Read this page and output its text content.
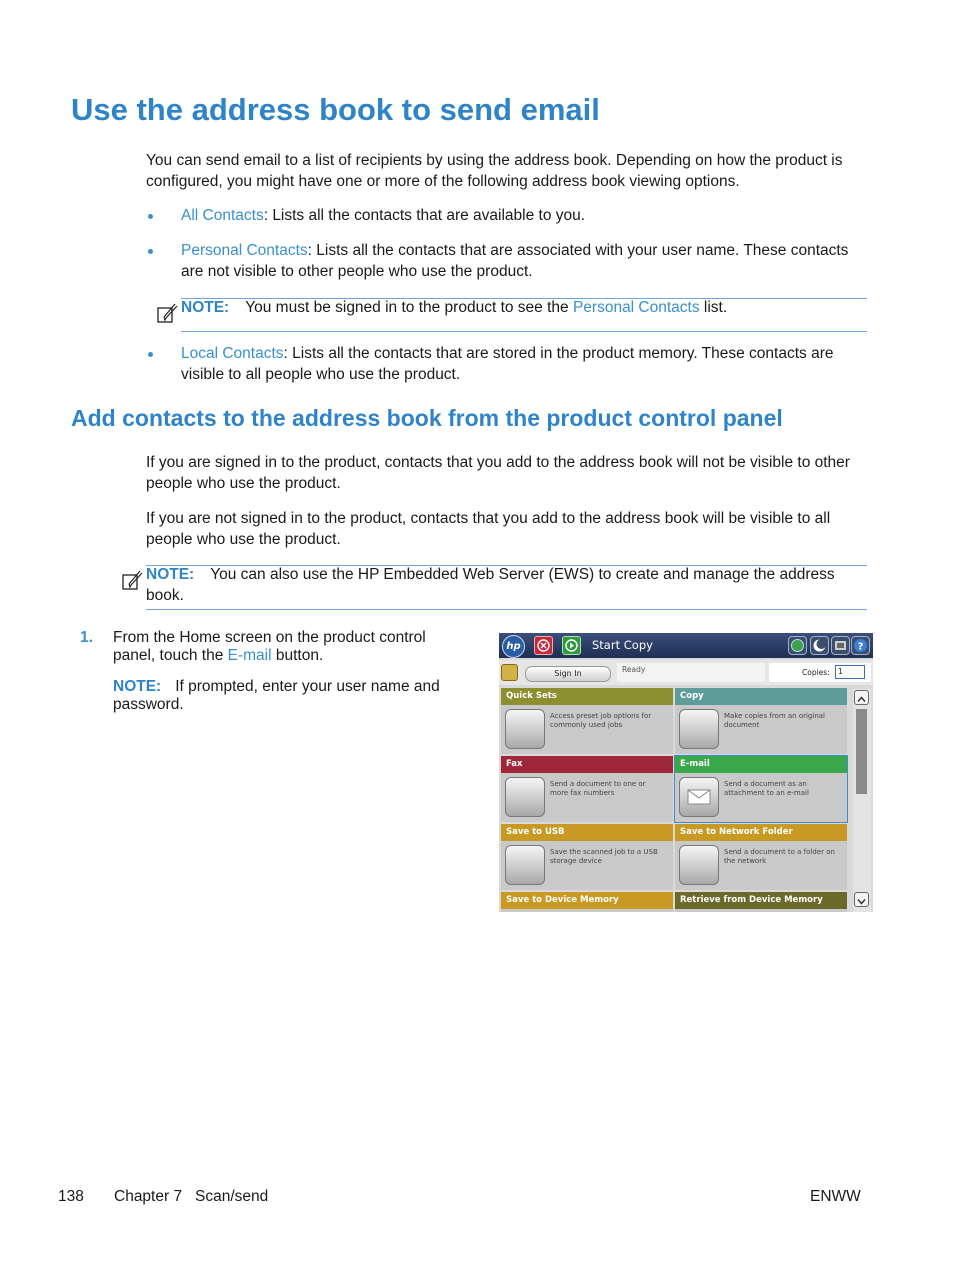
Use the address book to send email
You can send email to a list of recipients by using the address book. Depending on how the product is configured, you might have one or more of the following address book viewing options.
All Contacts: Lists all the contacts that are available to you.
Personal Contacts: Lists all the contacts that are associated with your user name. These contacts are not visible to other people who use the product.
NOTE: You must be signed in to the product to see the Personal Contacts list.
Local Contacts: Lists all the contacts that are stored in the product memory. These contacts are visible to all people who use the product.
Add contacts to the address book from the product control panel
If you are signed in to the product, contacts that you add to the address book will not be visible to other people who use the product.
If you are not signed in to the product, contacts that you add to the address book will be visible to all people who use the product.
NOTE: You can also use the HP Embedded Web Server (EWS) to create and manage the address book.
1. From the Home screen on the product control panel, touch the E-mail button.
NOTE: If prompted, enter your user name and password.
hp	Start Copy	?
Sign In	Ready	Copies:	1
Quick Sets
Access preset job options for commonly used jobs
Copy
Make copies from an original document
Fax
Send a document to one or more fax numbers
E-mail
Send a document as an attachment to an e-mail
Save to USB
Save the scanned job to a USB storage device
Save to Network Folder
Send a document to a folder on the network
Save to Device Memory	Retrieve from Device Memory
138 Chapter 7   Scan/send	ENWW
